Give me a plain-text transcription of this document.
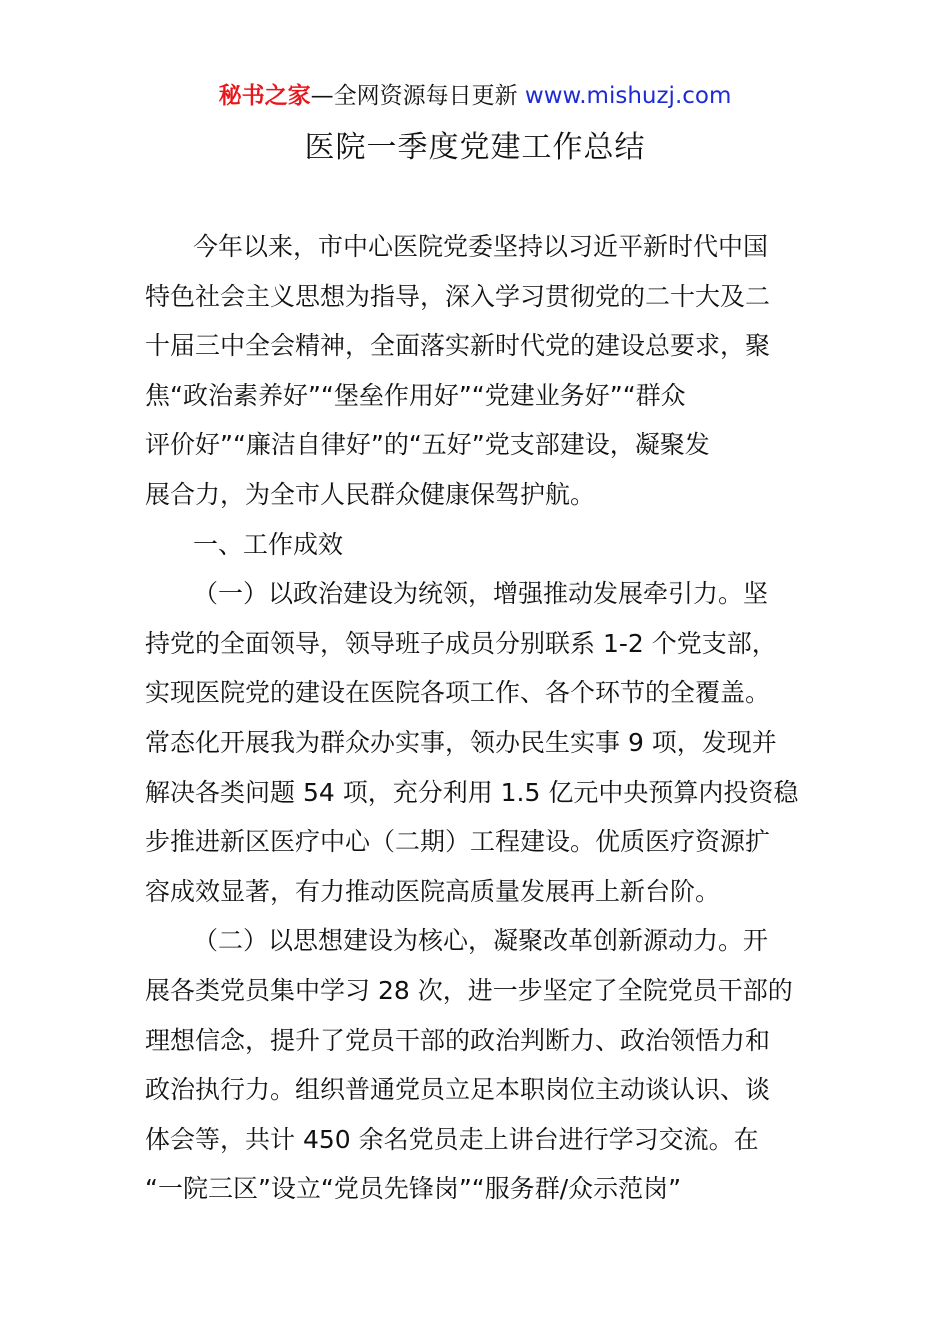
秘书之家—全网资源每日更新 www.mishuzj.com
医院一季度党建工作总结
今年以来，市中心医院党委坚持以习近平新时代中国
特色社会主义思想为指导，深入学习贯彻党的二十大及二
十届三中全会精神，全面落实新时代党的建设总要求，聚
焦“政治素养好”“堡垒作用好”“党建业务好”“群众
评价好”“廉洁自律好”的“五好”党支部建设，凝聚发
展合力，为全市人民群众健康保驾护航。
一、工作成效
（一）以政治建设为统领，增强推动发展牵引力。坚
持党的全面领导，领导班子成员分别联系 1-2 个党支部，
实现医院党的建设在医院各项工作、各个环节的全覆盖。
常态化开展我为群众办实事，领办民生实事 9 项，发现并
解决各类问题 54 项，充分利用 1.5 亿元中央预算内投资稳
步推进新区医疗中心（二期）工程建设。优质医疗资源扩
容成效显著，有力推动医院高质量发展再上新台阶。
（二）以思想建设为核心，凝聚改革创新源动力。开
展各类党员集中学习 28 次，进一步坚定了全院党员干部的
理想信念，提升了党员干部的政治判断力、政治领悟力和
政治执行力。组织普通党员立足本职岗位主动谈认识、谈
体会等，共计 450 余名党员走上讲台进行学习交流。在
“一院三区”设立“党员先锋岗”“服务群/众示范岗”
